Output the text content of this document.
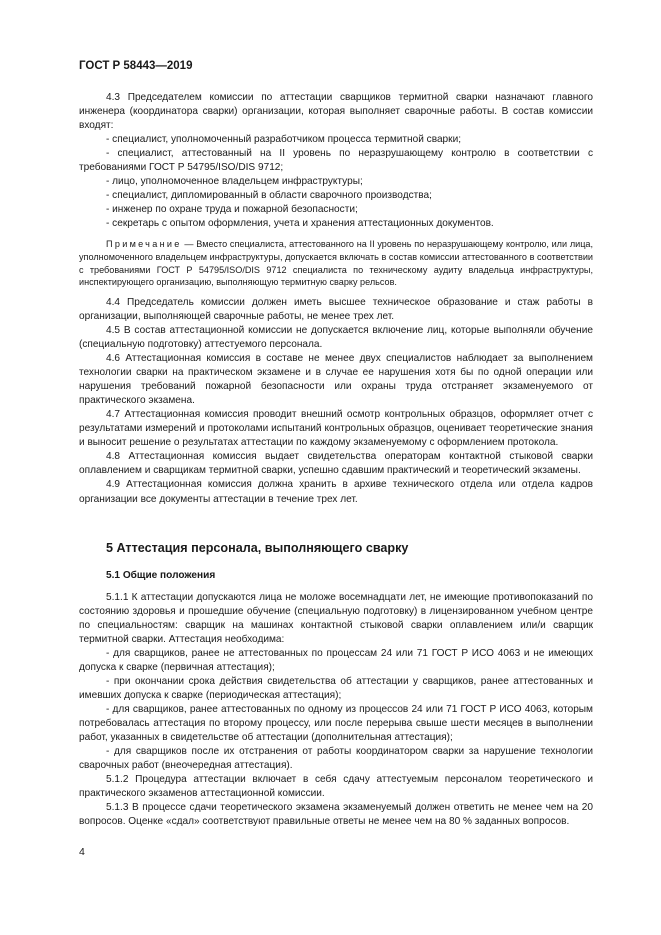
ГОСТ Р 58443—2019

4.3 Председателем комиссии по аттестации сварщиков термитной сварки назначают главного инженера (координатора сварки) организации, которая выполняет сварочные работы. В состав комиссии входят:

- специалист, уполномоченный разработчиком процесса термитной сварки;

- специалист, аттестованный на II уровень по неразрушающему контролю в соответствии с требованиями ГОСТ Р 54795/ISO/DIS 9712;

- лицо, уполномоченное владельцем инфраструктуры;

- специалист, дипломированный в области сварочного производства;

- инженер по охране труда и пожарной безопасности;

- секретарь с опытом оформления, учета и хранения аттестационных документов.

Примечание — Вместо специалиста, аттестованного на II уровень по неразрушающему контролю, или лица, уполномоченного владельцем инфраструктуры, допускается включать в состав комиссии аттестованного в соответствии с требованиями ГОСТ Р 54795/ISO/DIS 9712 специалиста по техническому аудиту владельца инфраструктуры, инспектирующего организацию, выполняющую термитную сварку рельсов.

4.4 Председатель комиссии должен иметь высшее техническое образование и стаж работы в организации, выполняющей сварочные работы, не менее трех лет.

4.5 В состав аттестационной комиссии не допускается включение лиц, которые выполняли обучение (специальную подготовку) аттестуемого персонала.

4.6 Аттестационная комиссия в составе не менее двух специалистов наблюдает за выполнением технологии сварки на практическом экзамене и в случае ее нарушения хотя бы по одной операции или нарушения требований пожарной безопасности или охраны труда отстраняет экзаменуемого от практического экзамена.

4.7 Аттестационная комиссия проводит внешний осмотр контрольных образцов, оформляет отчет с результатами измерений и протоколами испытаний контрольных образцов, оценивает теоретические знания и выносит решение о результатах аттестации по каждому экзаменуемому с оформлением протокола.

4.8 Аттестационная комиссия выдает свидетельства операторам контактной стыковой сварки оплавлением и сварщикам термитной сварки, успешно сдавшим практический и теоретический экзамены.

4.9 Аттестационная комиссия должна хранить в архиве технического отдела или отдела кадров организации все документы аттестации в течение трех лет.

5 Аттестация персонала, выполняющего сварку

5.1 Общие положения

5.1.1 К аттестации допускаются лица не моложе восемнадцати лет, не имеющие противопоказаний по состоянию здоровья и прошедшие обучение (специальную подготовку) в лицензированном учебном центре по специальностям: сварщик на машинах контактной стыковой сварки оплавлением или/и сварщик термитной сварки. Аттестация необходима:

- для сварщиков, ранее не аттестованных по процессам 24 или 71 ГОСТ Р ИСО 4063 и не имеющих допуска к сварке (первичная аттестация);

- при окончании срока действия свидетельства об аттестации у сварщиков, ранее аттестованных и имевших допуска к сварке (периодическая аттестация);

- для сварщиков, ранее аттестованных по одному из процессов 24 или 71 ГОСТ Р ИСО 4063, которым потребовалась аттестация по второму процессу, или после перерыва свыше шести месяцев в выполнении работ, указанных в свидетельстве об аттестации (дополнительная аттестация);

- для сварщиков после их отстранения от работы координатором сварки за нарушение технологии сварочных работ (внеочередная аттестация).

5.1.2 Процедура аттестации включает в себя сдачу аттестуемым персоналом теоретического и практического экзаменов аттестационной комиссии.

5.1.3 В процессе сдачи теоретического экзамена экзаменуемый должен ответить не менее чем на 20 вопросов. Оценке «сдал» соответствуют правильные ответы не менее чем на 80 % заданных вопросов.

4
